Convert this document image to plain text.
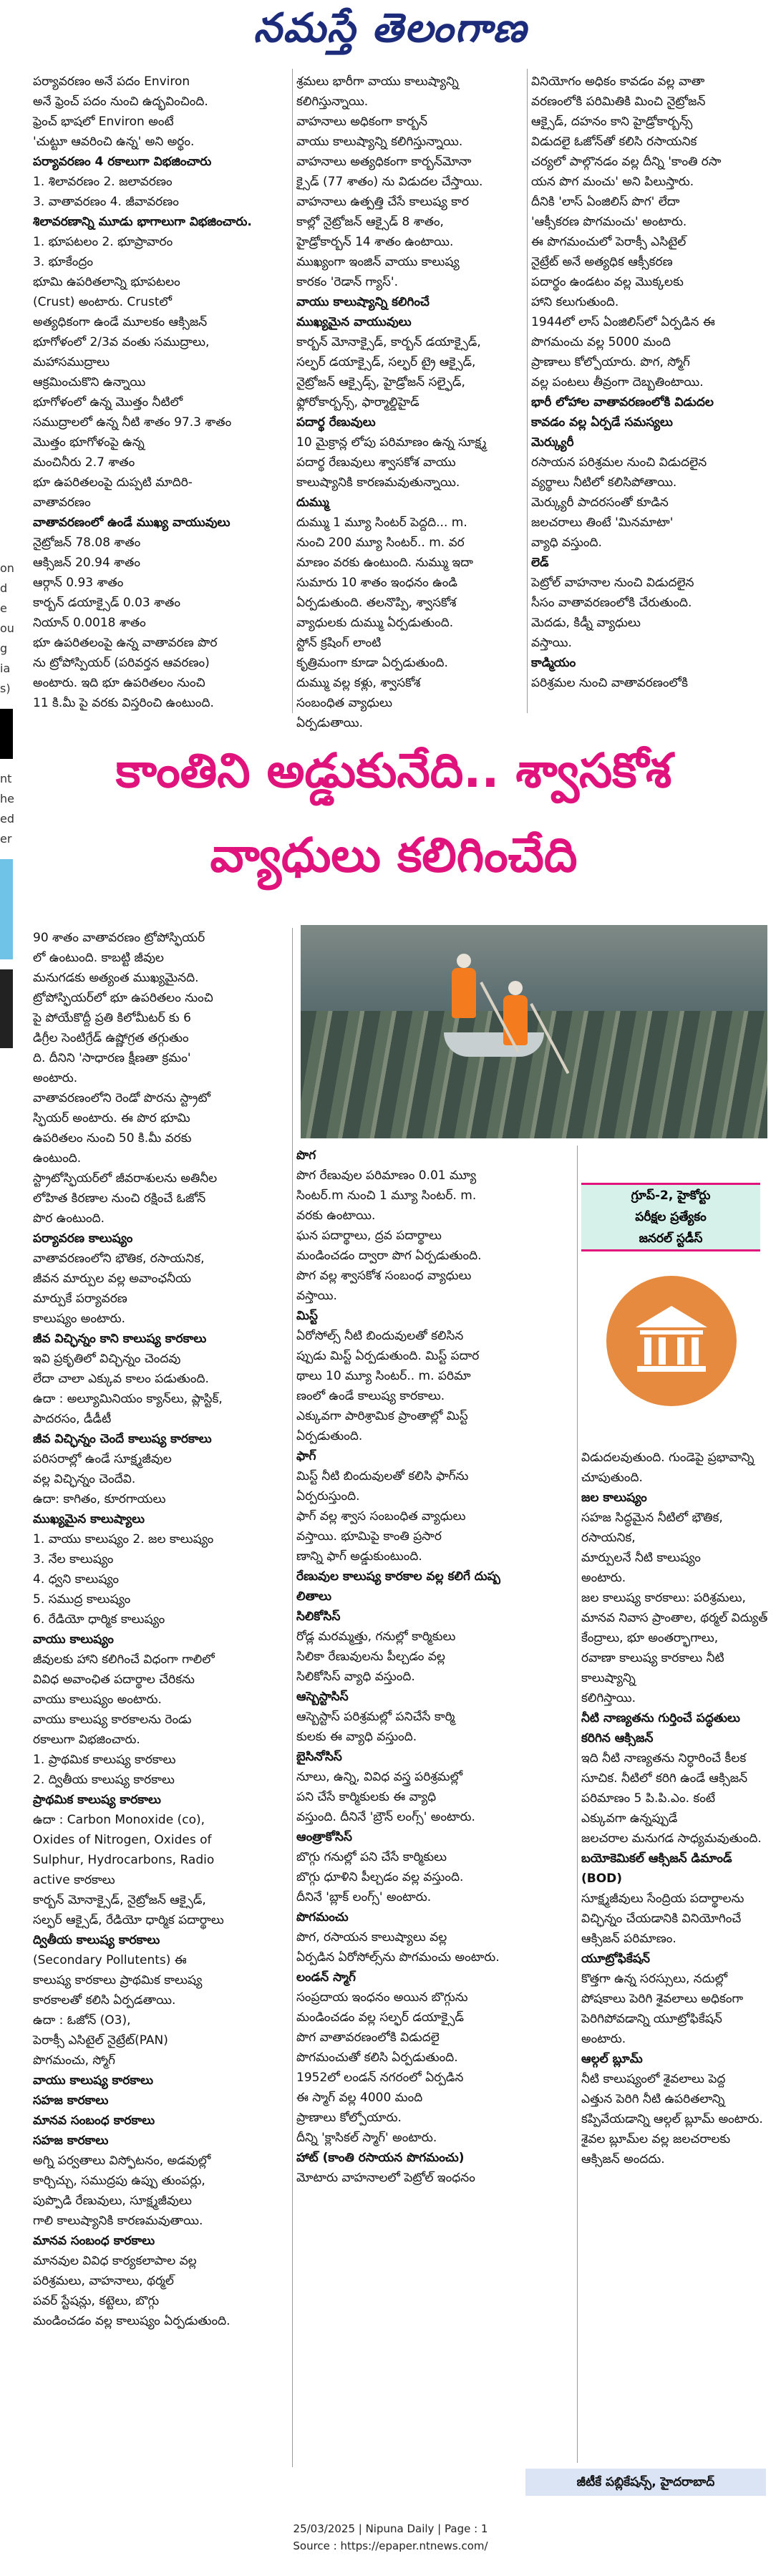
నమస్తే తెలంగాణ
on
d
e
ou
g
ia
s)
nt
he
ed
er
పర్యావరణం అనే పదం Environ
అనే ఫ్రెంచ్ పదం నుంచి ఉద్భవించింది.
ఫ్రెంచ్ భాషలో Environ అంటే
'చుట్టూ ఆవరించి ఉన్న' అని అర్థం.
పర్యావరణం 4 రకాలుగా విభజించారు
1. శిలావరణం 2. జలావరణం
3. వాతావరణం 4. జీవావరణం
శిలావరణాన్ని మూడు భాగాలుగా విభజించారు.
1. భూపటలం 2. భూప్రావారం
3. భూకేంద్రం
భూమి ఉపరితలాన్ని భూపటలం
(Crust) అంటారు. Crustలో
అత్యధికంగా ఉండే మూలకం ఆక్సిజన్
భూగోళంలో 2/3వ వంతు సముద్రాలు,
మహాసముద్రాలు
ఆక్రమించుకొని ఉన్నాయి
భూగోళంలో ఉన్న మొత్తం నీటిలో
సముద్రాలలో ఉన్న నీటి శాతం 97.3 శాతం
మొత్తం భూగోళంపై ఉన్న
మంచినీరు 2.7 శాతం
భూ ఉపరితలంపై దుప్పటి మాదిరి-
వాతావరణం
వాతావరణంలో ఉండే ముఖ్య వాయువులు
నైట్రోజన్ 78.08 శాతం
ఆక్సిజన్ 20.94 శాతం
ఆర్గాన్ 0.93 శాతం
కార్బన్ డయాక్సైడ్ 0.03 శాతం
నియాన్ 0.0018 శాతం
భూ ఉపరితలంపై ఉన్న వాతావరణ పొర
ను ట్రోపోస్పియర్ (పరివర్తన ఆవరణం)
అంటారు. ఇది భూ ఉపరితలం నుంచి
11 కి.మీ పై వరకు విస్తరించి ఉంటుంది.
శ్రమలు భారీగా వాయు కాలుష్యాన్ని
కలిగిస్తున్నాయి.
వాహనాలు అధికంగా కార్బన్
వాయు కాలుష్యాన్ని కలిగిస్తున్నాయి.
వాహనాలు అత్యధికంగా కార్బన్‌మోనా
క్సైడ్ (77 శాతం) ను విడుదల చేస్తాయి.
వాహనాలు ఉత్పత్తి చేసే కాలుష్య కార
కాల్లో నైట్రోజన్ ఆక్సైడ్ 8 శాతం,
హైడ్రోకార్బన్ 14 శాతం ఉంటాయి.
ముఖ్యంగా ఇంజిన్ వాయు కాలుష్య
కారకం 'రెడాన్ గ్యాస్'.
వాయు కాలుష్యాన్ని కలిగించే
ముఖ్యమైన వాయువులు
కార్బన్ మోనాక్సైడ్, కార్బన్ డయాక్సైడ్,
సల్ఫర్ డయాక్సైడ్, సల్ఫర్ ట్రై ఆక్సైడ్,
నైట్రోజన్ ఆక్సైడ్స్, హైడ్రోజన్ సల్ఫైడ్,
ఫ్లోరోకార్బన్స్, ఫార్మాల్డిహైడ్
పదార్థ రేణువులు
10 మైక్రాన్ల లోపు పరిమాణం ఉన్న సూక్ష్మ
పదార్థ రేణువులు శ్వాసకోశ వాయు
కాలుష్యానికి కారణమవుతున్నాయి.
దుమ్ము
దుమ్ము 1 మ్యూ సింటర్ పెద్దది... m.
నుంచి 200 మ్యూ సింటర్.. m. వర
మాణం వరకు ఉంటుంది. నుమ్ము ఇదా
సుమారు 10 శాతం ఇంధనం ఉండి
ఏర్పడుతుంది. తలనొప్పి, శ్వాసకోశ
వ్యాధులకు దుమ్ము ఏర్పడుతుంది.
స్టోన్ క్రషింగ్ లాంటి
కృత్రిమంగా కూడా ఏర్పడుతుంది.
దుమ్ము వల్ల కళ్లు, శ్వాసకోశ
సంబంధిత వ్యాధులు
ఏర్పడుతాయి.
వినియోగం అధికం కావడం వల్ల వాతా
వరణంలోకి పరిమితికి మించి నైట్రోజన్
ఆక్సైడ్, దహనం కాని హైడ్రోకార్బన్స్
విడుదలై ఓజోన్‌తో కలిసి రసాయనిక
చర్యలో పాల్గొనడం వల్ల దీన్ని 'కాంతి రసా
యన పొగ మంచు' అని పిలుస్తారు.
దీనికి 'లాస్ ఏంజిలిస్ పొగ' లేదా
'ఆక్సీకరణ పొగమంచు' అంటారు.
ఈ పొగమంచులో పెరాక్సీ ఎసిటైల్
నైట్రేట్ అనే అత్యధిక ఆక్సీకరణ
పదార్థం ఉండటం వల్ల మొక్కలకు
హాని కలుగుతుంది.
1944లో లాస్ ఏంజిలిస్‌లో ఏర్పడిన ఈ
పొగమంచు వల్ల 5000 మంది
ప్రాణాలు కోల్పోయారు. పొగ, స్మోగ్
వల్ల పంటలు తీవ్రంగా దెబ్బతింటాయి.
భారీ లోహాల వాతావరణంలోకి విడుదల
కావడం వల్ల ఏర్పడే సమస్యలు
మెర్క్యురీ
రసాయన పరిశ్రమల నుంచి విడుదలైన
వ్యర్థాలు నీటిలో కలిసిపోతాయి.
మెర్క్యురీ పాదరసంతో కూడిన
జలచరాలు తింటే 'మినమాటా'
వ్యాధి వస్తుంది.
లెడ్
పెట్రోల్ వాహనాల నుంచి విడుదలైన
సీసం వాతావరణంలోకి చేరుతుంది.
మెదడు, కిడ్నీ వ్యాధులు
వస్తాయి.
కాడ్మియం
పరిశ్రమల నుంచి వాతావరణంలోకి
కాంతిని అడ్డుకునేది.. శ్వాసకోశ
వ్యాధులు కలిగించేది
90 శాతం వాతావరణం ట్రోపోస్ఫియర్
లో ఉంటుంది. కాబట్టి జీవుల
మనుగడకు అత్యంత ముఖ్యమైనది.
ట్రోపోస్ఫియర్‌లో భూ ఉపరితలం నుంచి
పై పోయేకొద్దీ ప్రతి కిలోమీటర్ కు 6
డిగ్రీల సెంటిగ్రేడ్ ఉష్ణోగ్రత తగ్గుతుం
ది. దీనిని 'సాధారణ క్షీణతా క్రమం'
అంటారు.
వాతావరణంలోని రెండో పొరను స్ట్రాటో
స్ఫియర్ అంటారు. ఈ పొర భూమి
ఉపరితలం నుంచి 50 కి.మీ వరకు
ఉంటుంది.
స్ట్రాటోస్ఫియర్‌లో జీవరాశులను అతినీల
లోహిత కిరణాల నుంచి రక్షించే ఓజోన్
పొర ఉంటుంది.
పర్యావరణ కాలుష్యం
వాతావరణంలోని భౌతిక, రసాయనిక,
జీవన మార్పుల వల్ల అవాంఛనీయ
మార్పుకే పర్యావరణ
కాలుష్యం అంటారు.
జీవ విచ్ఛిన్నం కాని కాలుష్య కారకాలు
ఇవి ప్రకృతిలో విచ్ఛిన్నం చెందవు
లేదా చాలా ఎక్కువ కాలం పడుతుంది.
ఉదా : అల్యూమినియం క్యాన్‌లు, ప్లాస్టిక్,
పాదరసం, డీడీటీ
జీవ విచ్ఛిన్నం చెందే కాలుష్య కారకాలు
పరిసరాల్లో ఉండే సూక్ష్మజీవుల
వల్ల విచ్ఛిన్నం చెందేవి.
ఉదా: కాగితం, కూరగాయలు
ముఖ్యమైన కాలుష్యాలు
1. వాయు కాలుష్యం 2. జల కాలుష్యం
3. నేల కాలుష్యం
4. ధ్వని కాలుష్యం
5. సముద్ర కాలుష్యం
6. రేడియో ధార్మిక కాలుష్యం
వాయు కాలుష్యం
జీవులకు హాని కలిగించే విధంగా గాలిలో
వివిధ అవాంఛిత పదార్థాల చేరికను
వాయు కాలుష్యం అంటారు.
వాయు కాలుష్య కారకాలను రెండు
రకాలుగా విభజించారు.
1. ప్రాథమిక కాలుష్య కారకాలు
2. ద్వితీయ కాలుష్య కారకాలు
ప్రాథమిక కాలుష్య కారకాలు
ఉదా : Carbon Monoxide (co),
Oxides of Nitrogen, Oxides of
Sulphur, Hydrocarbons, Radio
active కారకాలు
కార్బన్ మోనాక్సైడ్, నైట్రోజన్ ఆక్సైడ్,
సల్ఫర్ ఆక్సైడ్, రేడియో ధార్మిక పదార్థాలు
ద్వితీయ కాలుష్య కారకాలు
(Secondary Pollutents) ఈ
కాలుష్య కారకాలు ప్రాథమిక కాలుష్య
కారకాలతో కలిసి ఏర్పడతాయి.
ఉదా : ఓజోన్ (O3),
పెరాక్సీ ఎసిటైల్ నైట్రేట్(PAN)
పొగమంచు, స్మోగ్
వాయు కాలుష్య కారకాలు
సహజ కారకాలు
మానవ సంబంధ కారకాలు
సహజ కారకాలు
అగ్ని పర్వతాలు విస్ఫోటనం, అడవుల్లో
కార్చిచ్చు, సముద్రపు ఉప్పు తుంపర్లు,
పుప్పొడి రేణువులు, సూక్ష్మజీవులు
గాలి కాలుష్యానికి కారణమవుతాయి.
మానవ సంబంధ కారకాలు
మానవుల వివిధ కార్యకలాపాల వల్ల
పరిశ్రమలు, వాహనాలు, థర్మల్
పవర్ స్టేషన్లు, కట్టెలు, బొగ్గు
మండించడం వల్ల కాలుష్యం ఏర్పడుతుంది.
పొగ
పొగ రేణువుల పరిమాణం 0.01 మ్యూ
సింటర్.m నుంచి 1 మ్యూ సింటర్. m.
వరకు ఉంటాయి.
ఘన పదార్థాలు, ద్రవ పదార్థాలు
మండించడం ద్వారా పొగ ఏర్పడుతుంది.
పొగ వల్ల శ్వాసకోశ సంబంధ వ్యాధులు
వస్తాయి.
మిస్ట్
ఏరోసోల్స్ నీటి బిందువులతో కలిసిన
ప్పుడు మిస్ట్ ఏర్పడుతుంది. మిస్ట్ పదార
థాలు 10 మ్యూ సింటర్.. m. పరిమా
ణంలో ఉండే కాలుష్య కారకాలు.
ఎక్కువగా పారిశ్రామిక ప్రాంతాల్లో మిస్ట్
ఏర్పడుతుంది.
ఫాగ్
మిస్ట్ నీటి బిందువులతో కలిసి ఫాగ్‌ను
ఏర్పరుస్తుంది.
ఫాగ్ వల్ల శ్వాస సంబంధిత వ్యాధులు
వస్తాయి. భూమిపై కాంతి ప్రసార
ణాన్ని ఫాగ్ అడ్డుకుంటుంది.
రేణువుల కాలుష్య కారకాల వల్ల కలిగే దుష్ప
లితాలు
సిలికోసిస్
రోడ్ల మరమ్మత్తు, గనుల్లో కార్మికులు
సిలికా రేణువులను పీల్చడం వల్ల
సిలికోసిస్ వ్యాధి వస్తుంది.
ఆస్బెస్టాసిస్
ఆస్బెస్టాస్ పరిశ్రమల్లో పనిచేసే కార్మి
కులకు ఈ వ్యాధి వస్తుంది.
బైసినోసిస్
నూలు, ఉన్ని, వివిధ వస్త్ర పరిశ్రమల్లో
పని చేసే కార్మికులకు ఈ వ్యాధి
వస్తుంది. దీనినే 'బ్రౌన్ లంగ్స్' అంటారు.
ఆంత్రాకోసిస్
బొగ్గు గనుల్లో పని చేసే కార్మికులు
బొగ్గు ధూళిని పీల్చడం వల్ల వస్తుంది.
దీనినే 'బ్లాక్ లంగ్స్' అంటారు.
పొగమంచు
పొగ, రసాయన కాలుష్యాలు వల్ల
ఏర్పడిన ఏరోసోల్స్‌ను పొగమంచు అంటారు.
లండన్ స్మాగ్
సంప్రదాయ ఇంధనం అయిన బొగ్గును
మండించడం వల్ల సల్ఫర్ డయాక్సైడ్
పొగ వాతావరణంలోకి విడుదలై
పొగమంచుతో కలిసి ఏర్పడుతుంది.
1952లో లండన్ నగరంలో ఏర్పడిన
ఈ స్మాగ్ వల్ల 4000 మంది
ప్రాణాలు కోల్పోయారు.
దీన్ని 'క్లాసికల్ స్మాగ్' అంటారు.
హాట్ (కాంతి రసాయన పొగమంచు)
మోటారు వాహనాలలో పెట్రోల్ ఇంధనం
గ్రూప్-2, హైకోర్టు
పరీక్షల ప్రత్యేకం
జనరల్ స్టడీస్
విడుదలవుతుంది. గుండెపై ప్రభావాన్ని
చూపుతుంది.
జల కాలుష్యం
సహజ సిద్ధమైన నీటిలో భౌతిక, రసాయనిక,
మార్పులనే నీటి కాలుష్యం
అంటారు.
జల కాలుష్య కారకాలు: పరిశ్రమలు,
మానవ నివాస ప్రాంతాల, థర్మల్ విద్యుత్
కేంద్రాలు, భూ అంతర్భాగాలు,
రవాణా కాలుష్య కారకాలు నీటి కాలుష్యాన్ని
కలిగిస్తాయి.
నీటి నాణ్యతను గుర్తించే పద్ధతులు
కరిగిన ఆక్సిజన్
ఇది నీటి నాణ్యతను నిర్ధారించే కీలక
సూచిక. నీటిలో కరిగి ఉండే ఆక్సిజన్
పరిమాణం 5 పి.పి.ఎం. కంటే
ఎక్కువగా ఉన్నప్పుడే
జలచరాల మనుగడ సాధ్యమవుతుంది.
బయోకెమికల్ ఆక్సిజన్ డిమాండ్ (BOD)
సూక్ష్మజీవులు సేంద్రియ పదార్థాలను
విచ్ఛిన్నం చేయడానికి వినియోగించే
ఆక్సిజన్ పరిమాణం.
యూట్రోఫికేషన్
కొత్తగా ఉన్న సరస్సులు, నదుల్లో
పోషకాలు పెరిగి శైవలాలు అధికంగా
పెరిగిపోవడాన్ని యూట్రోఫికేషన్
అంటారు.
ఆల్గల్ బ్లూమ్
నీటి కాలుష్యంలో శైవలాలు పెద్ద
ఎత్తున పెరిగి నీటి ఉపరితలాన్ని
కప్పివేయడాన్ని ఆల్గల్ బ్లూమ్ అంటారు.
శైవల బ్లూమ్‌ల వల్ల జలచరాలకు
ఆక్సిజన్ అందదు.
జీటీకే పబ్లికేషన్స్, హైదరాబాద్
25/03/2025 | Nipuna Daily | Page : 1
Source : https://epaper.ntnews.com/
